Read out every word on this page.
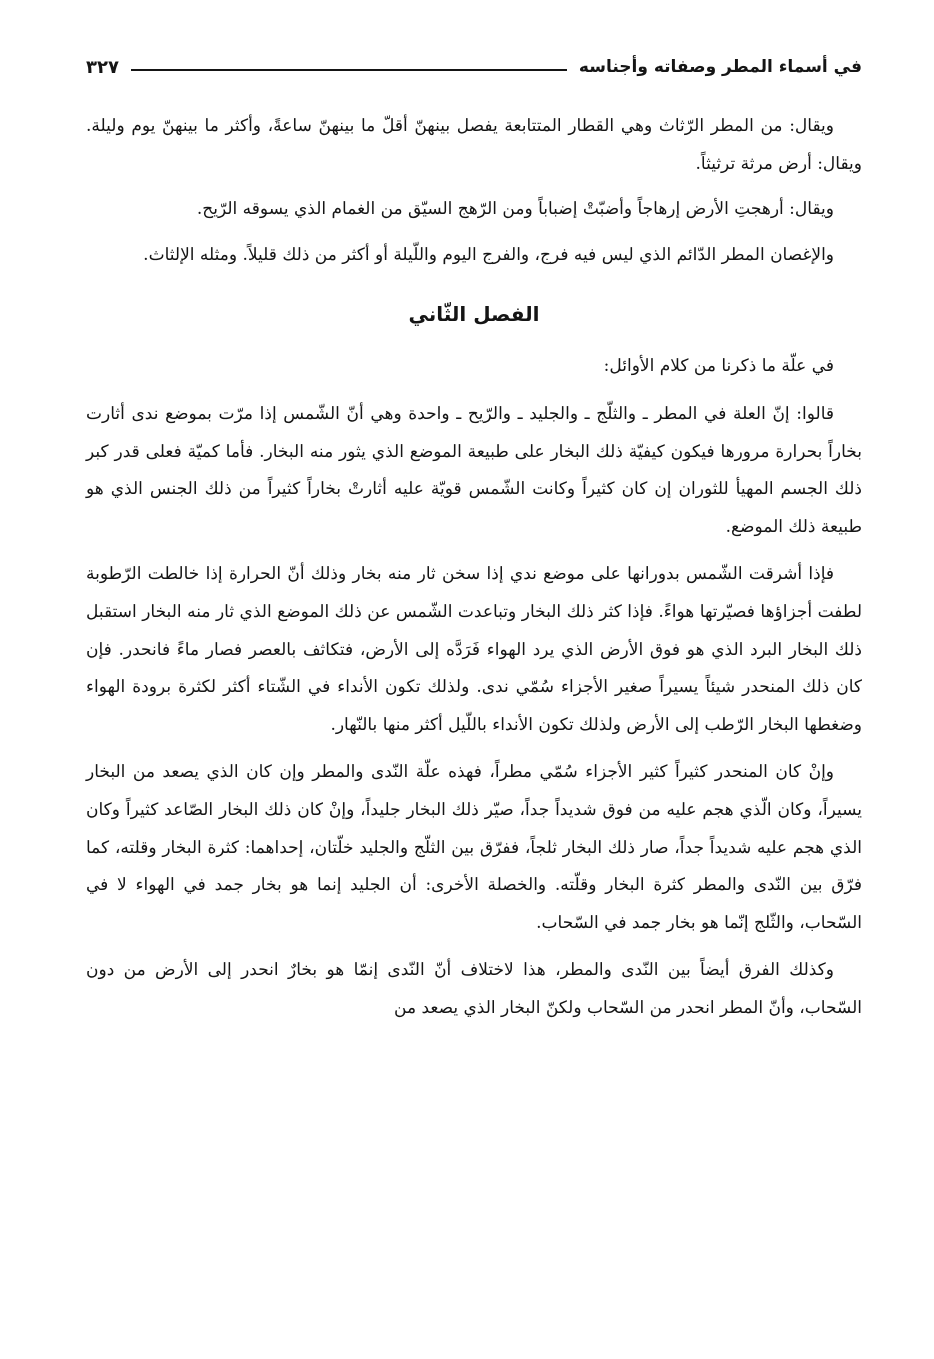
في أسماء المطر وصفاته وأجناسه
٣٢٧

ويقال: من المطر الرّثاث وهي القطار المتتابعة يفصل بينهنّ أقلّ ما بينهنّ ساعةً، وأكثر ما بينهنّ يوم وليلة. ويقال: أرض مرثة ترثيثاً.

ويقال: أرهجتِ الأرض إرهاجاً وأضبّتْ إضباباً ومن الرّهج السيّق من الغمام الذي يسوقه الرّيح.

والإغصان المطر الدّائم الذي ليس فيه فرج، والفرج اليوم واللّيلة أو أكثر من ذلك قليلاً. ومثله الإلثاث.

الفصل الثّاني

في علّة ما ذكرنا من كلام الأوائل:

قالوا: إنّ العلة في المطر ـ والثلّج ـ والجليد ـ والرّيح ـ واحدة وهي أنّ الشّمس إذا مرّت بموضع ندى أثارت بخاراً بحرارة مرورها فيكون كيفيّة ذلك البخار على طبيعة الموضع الذي يثور منه البخار. فأما كميّة فعلى قدر كبر ذلك الجسم المهيأ للثوران إن كان كثيراً وكانت الشّمس قويّة عليه أثارتْ بخاراً كثيراً من ذلك الجنس الذي هو طبيعة ذلك الموضع.

فإذا أشرقت الشّمس بدورانها على موضع ندي إذا سخن ثار منه بخار وذلك أنّ الحرارة إذا خالطت الرّطوبة لطفت أجزاؤها فصيّرتها هواءً. فإذا كثر ذلك البخار وتباعدت الشّمس عن ذلك الموضع الذي ثار منه البخار استقبل ذلك البخار البرد الذي هو فوق الأرض الذي يرد الهواء فَرَدَّه إلى الأرض، فتكاثف بالعصر فصار ماءً فانحدر. فإن كان ذلك المنحدر شيئاً يسيراً صغير الأجزاء سُمّي ندى. ولذلك تكون الأنداء في الشّتاء أكثر لكثرة برودة الهواء وضغطها البخار الرّطب إلى الأرض ولذلك تكون الأنداء باللّيل أكثر منها بالنّهار.

وإنْ كان المنحدر كثيراً كثير الأجزاء سُمّي مطراً، فهذه علّة النّدى والمطر وإن كان الذي يصعد من البخار يسيراً، وكان الّذي هجم عليه من فوق شديداً جداً، صيّر ذلك البخار جليداً، وإنْ كان ذلك البخار الصّاعد كثيراً وكان الذي هجم عليه شديداً جداً، صار ذلك البخار ثلجاً، ففرّق بين الثلّج والجليد خلّتان، إحداهما: كثرة البخار وقلته، كما فرّق بين النّدى والمطر كثرة البخار وقلّته. والخصلة الأخرى: أن الجليد إنما هو بخار جمد في الهواء لا في السّحاب، والثّلج إنّما هو بخار جمد في السّحاب.

وكذلك الفرق أيضاً بين النّدى والمطر، هذا لاختلاف أنّ النّدى إنمّا هو بخارٌ انحدر إلى الأرض من دون السّحاب، وأنّ المطر انحدر من السّحاب ولكنّ البخار الذي يصعد من
